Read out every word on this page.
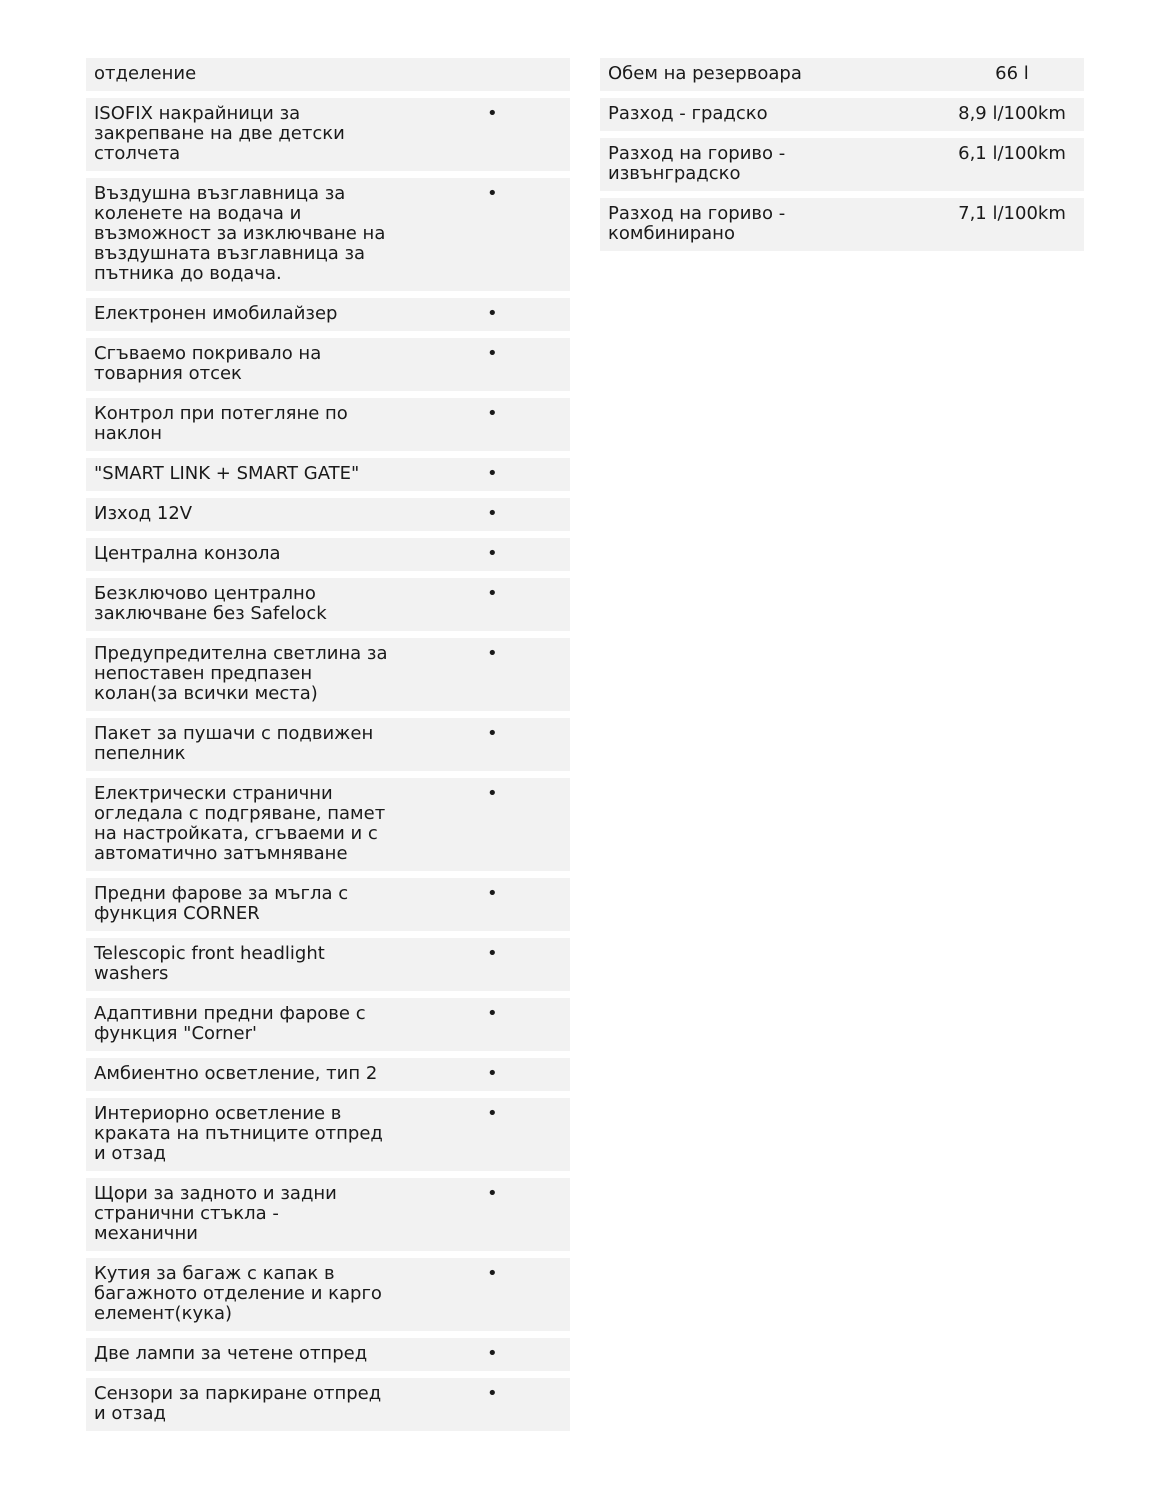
отделение
ISOFIX накрайници за
закрепване на две детски
столчета
•
Въздушна възглавница за
коленете на водача и
възможност за изключване на
въздушната възглавница за
пътника до водача.
•
Електронен имобилайзер	•
Сгъваемо покривало на
товарния отсек
•
Контрол при потегляне по
наклон
•
"SMART LINK + SMART GATE"	•
Изход 12V	•
Централна конзола	•
Безключово централно
заключване без Safelock
•
Предупредителна светлина за
непоставен предпазен
колан(за всички места)
•
Пакет за пушачи с подвижен
пепелник
•
Електрически странични
огледала с подгряване, памет
на настройката, сгъваеми и с
автоматично затъмняване
•
Предни фарове за мъгла с
функция CORNER
•
Telescopic front headlight
washers
•
Адаптивни предни фарове с
функция "Corner'
•
Амбиентно осветление, тип 2	•
Интериорно осветление в
краката на пътниците отпред
и отзад
•
Щори за задното и задни
странични стъкла -
механични
•
Кутия за багаж с капак в
багажното отделение и карго
елемент(кука)
•
Две лампи за четене отпред	•
Сензори за паркиране отпред
и отзад
•
Обем на резервоара	66 l
Разход - градско	8,9 l/100km
Разход на гориво -
извънградско
6,1 l/100km
Разход на гориво -
комбинирано
7,1 l/100km
